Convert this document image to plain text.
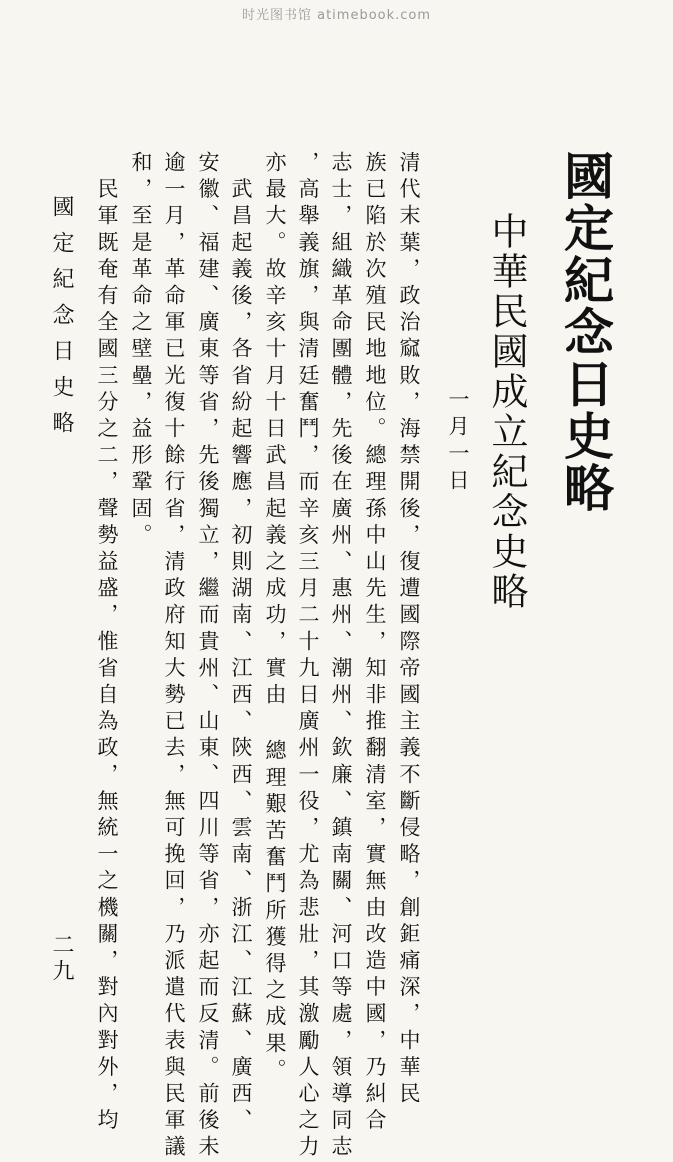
时光图书馆 atimebook.com
國定紀念日史略
中華民國成立紀念史略
一月一日
清代末葉，政治窳敗，海禁開後，復遭國際帝國主義不斷侵略，創鉅痛深，中華民
族已陷於次殖民地地位。總理孫中山先生，知非推翻清室，實無由改造中國，乃糾合
志士，組織革命團體，先後在廣州、惠州、潮州、欽廉、鎮南關、河口等處，領導同志
，高舉義旗，與清廷奮鬥，而辛亥三月二十九日廣州一役，尤為悲壯，其激勵人心之力
亦最大。故辛亥十月十日武昌起義之成功，實由 總理艱苦奮鬥所獲得之成果。
　武昌起義後，各省紛起響應，初則湖南、江西、陝西、雲南、浙江、江蘇、廣西、
安徽、福建、廣東等省，先後獨立，繼而貴州、山東、四川等省，亦起而反清。前後未
逾一月，革命軍已光復十餘行省，清政府知大勢已去，無可挽回，乃派遣代表與民軍議
和，至是革命之壁壘，益形鞏固。
　民軍既奄有全國三分之二，聲勢益盛，惟省自為政，無統一之機關，對內對外，均
國定紀念日史略
二九
